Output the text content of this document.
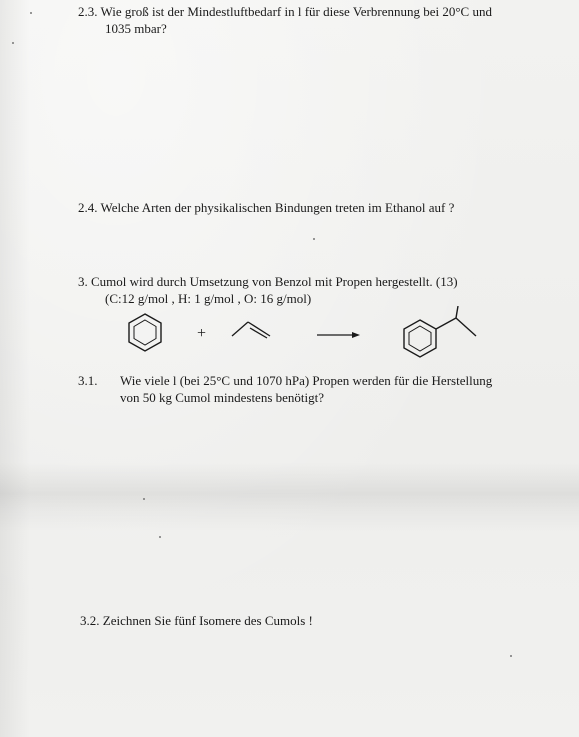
2.3. Wie groß ist der Mindestluftbedarf in l für diese Verbrennung bei 20°C und
1035 mbar?
2.4. Welche Arten der physikalischen Bindungen treten im Ethanol auf ?
3. Cumol wird durch Umsetzung von Benzol mit Propen hergestellt. (13)
(C:12 g/mol , H: 1 g/mol , O: 16 g/mol)
+
3.1. Wie viele l (bei 25°C und 1070 hPa) Propen werden für die Herstellung
von 50 kg Cumol mindestens benötigt?
3.2. Zeichnen Sie fünf Isomere des Cumols !
